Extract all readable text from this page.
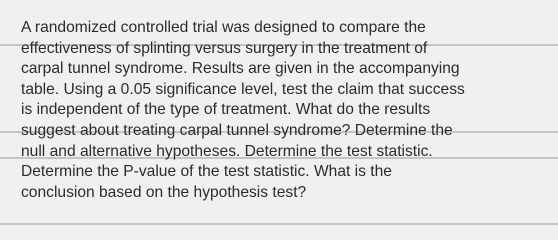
A randomized controlled trial was designed to compare the
effectiveness of splinting versus surgery in the treatment of
carpal tunnel syndrome. Results are given in the accompanying
table. Using a 0.05 significance level, test the claim that success
is independent of the type of treatment. What do the results
suggest about treating carpal tunnel syndrome? Determine the
null and alternative hypotheses. Determine the test statistic.
Determine the P-value of the test statistic. What is the
conclusion based on the hypothesis test?
